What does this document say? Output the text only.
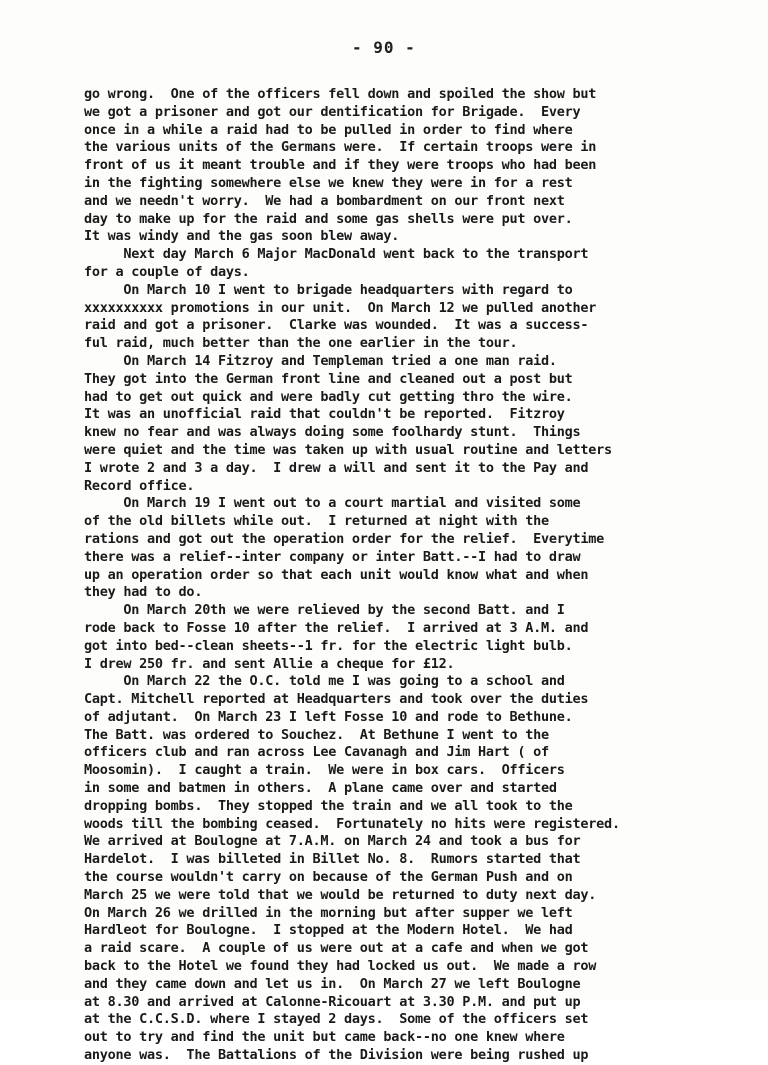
- 90 -
go wrong.  One of the officers fell down and spoiled the show but
we got a prisoner and got our dentification for Brigade.  Every
once in a while a raid had to be pulled in order to find where
the various units of the Germans were.  If certain troops were in
front of us it meant trouble and if they were troops who had been
in the fighting somewhere else we knew they were in for a rest
and we needn't worry.  We had a bombardment on our front next
day to make up for the raid and some gas shells were put over.
It was windy and the gas soon blew away.
Next day March 6 Major MacDonald went back to the transport
for a couple of days.
On March 10 I went to brigade headquarters with regard to
xxxxxxxxxx promotions in our unit.  On March 12 we pulled another
raid and got a prisoner.  Clarke was wounded.  It was a success-
ful raid, much better than the one earlier in the tour.
On March 14 Fitzroy and Templeman tried a one man raid.
They got into the German front line and cleaned out a post but
had to get out quick and were badly cut getting thro the wire.
It was an unofficial raid that couldn't be reported.  Fitzroy
knew no fear and was always doing some foolhardy stunt.  Things
were quiet and the time was taken up with usual routine and letters
I wrote 2 and 3 a day.  I drew a will and sent it to the Pay and
Record office.
On March 19 I went out to a court martial and visited some
of the old billets while out.  I returned at night with the
rations and got out the operation order for the relief.  Everytime
there was a relief--inter company or inter Batt.--I had to draw
up an operation order so that each unit would know what and when
they had to do.
On March 20th we were relieved by the second Batt. and I
rode back to Fosse 10 after the relief.  I arrived at 3 A.M. and
got into bed--clean sheets--1 fr. for the electric light bulb.
I drew 250 fr. and sent Allie a cheque for £12.
On March 22 the O.C. told me I was going to a school and
Capt. Mitchell reported at Headquarters and took over the duties
of adjutant.  On March 23 I left Fosse 10 and rode to Bethune.
The Batt. was ordered to Souchez.  At Bethune I went to the
officers club and ran across Lee Cavanagh and Jim Hart ( of
Moosomin).  I caught a train.  We were in box cars.  Officers
in some and batmen in others.  A plane came over and started
dropping bombs.  They stopped the train and we all took to the
woods till the bombing ceased.  Fortunately no hits were registered.
We arrived at Boulogne at 7.A.M. on March 24 and took a bus for
Hardelot.  I was billeted in Billet No. 8.  Rumors started that
the course wouldn't carry on because of the German Push and on
March 25 we were told that we would be returned to duty next day.
On March 26 we drilled in the morning but after supper we left
Hardleot for Boulogne.  I stopped at the Modern Hotel.  We had
a raid scare.  A couple of us were out at a cafe and when we got
back to the Hotel we found they had locked us out.  We made a row
and they came down and let us in.  On March 27 we left Boulogne
at 8.30 and arrived at Calonne-Ricouart at 3.30 P.M. and put up
at the C.C.S.D. where I stayed 2 days.  Some of the officers set
out to try and find the unit but came back--no one knew where
anyone was.  The Battalions of the Division were being rushed up
